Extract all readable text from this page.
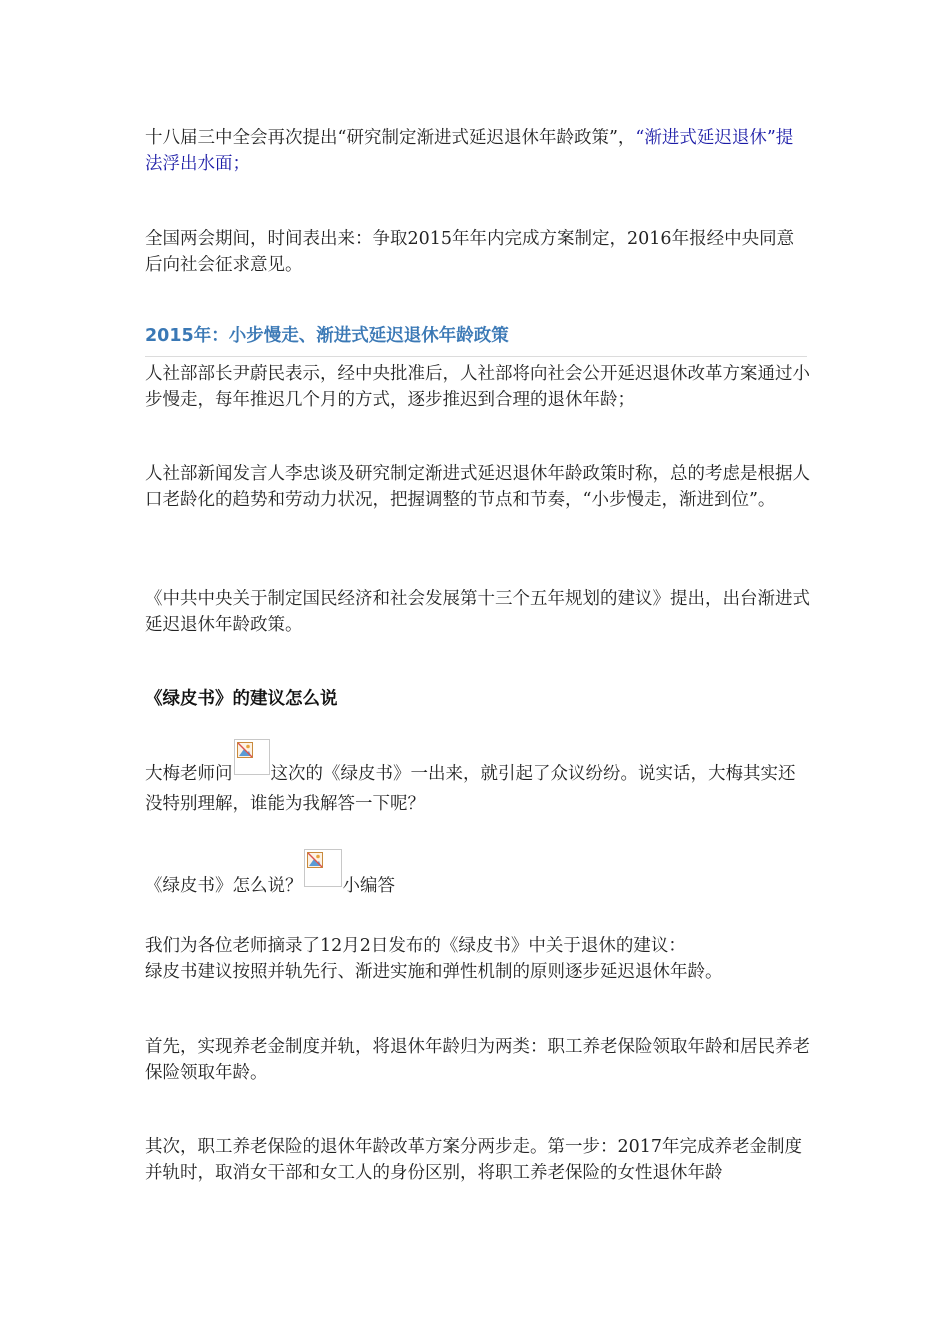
十八届三中全会再次提出“研究制定渐进式延迟退休年龄政策”，“渐进式延迟退休”提法浮出水面；

全国两会期间，时间表出来：争取2015年年内完成方案制定，2016年报经中央同意后向社会征求意见。

2015年：小步慢走、渐进式延迟退休年龄政策

人社部部长尹蔚民表示，经中央批准后，人社部将向社会公开延迟退休改革方案通过小步慢走，每年推迟几个月的方式，逐步推迟到合理的退休年龄；

人社部新闻发言人李忠谈及研究制定渐进式延迟退休年龄政策时称，总的考虑是根据人口老龄化的趋势和劳动力状况，把握调整的节点和节奏，“小步慢走，渐进到位”。

《中共中央关于制定国民经济和社会发展第十三个五年规划的建议》提出，出台渐进式延迟退休年龄政策。

《绿皮书》的建议怎么说

大梅老师问 这次的《绿皮书》一出来，就引起了众议纷纷。说实话，大梅其实还没特别理解，谁能为我解答一下呢？

《绿皮书》怎么说？ 小编答

我们为各位老师摘录了12月2日发布的《绿皮书》中关于退休的建议：
绿皮书建议按照并轨先行、渐进实施和弹性机制的原则逐步延迟退休年龄。

首先，实现养老金制度并轨，将退休年龄归为两类：职工养老保险领取年龄和居民养老保险领取年龄。

其次，职工养老保险的退休年龄改革方案分两步走。第一步：2017年完成养老金制度并轨时，取消女干部和女工人的身份区别，将职工养老保险的女性退休年龄
